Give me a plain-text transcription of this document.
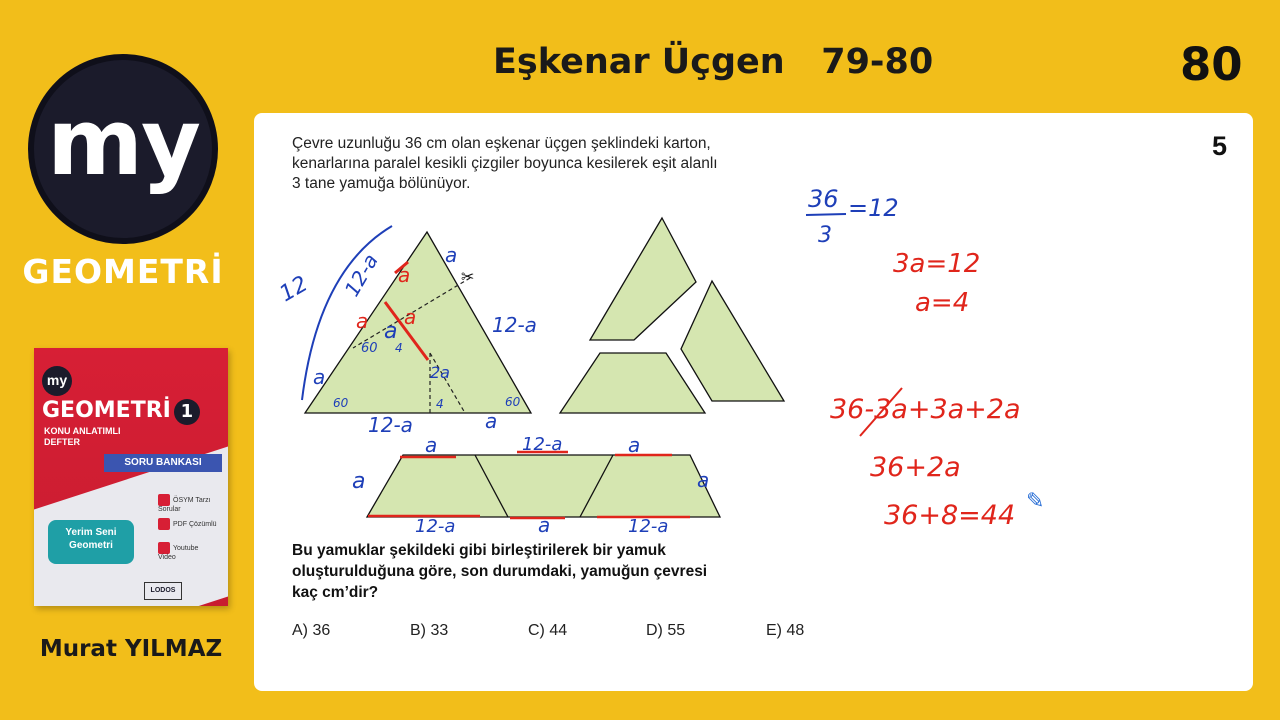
my
GEOMETRİ
my
GEOMETRİ 1
KONU ANLATIMLI
DEFTER
SORU BANKASI
Yerim Seni
Geometri
ÖSYM Tarzı Sorular
PDF Çözümlü
Youtube Video
LODOS
Murat YILMAZ
Eşkenar Üçgen   79-80	80
5
Çevre uzunluğu 36 cm olan eşkenar üçgen şeklindeki karton,
kenarlarına paralel kesikli çizgiler boyunca kesilerek eşit alanlı
3 tane yamuğa bölünüyor.
✂
12 12-a	a
12-a
a
a
12-a
a
2a
60
60	60
4
4
a
a	12-a	a
12-a	a	12-a
a
36
3
=12
a
a a
3a=12
a=4
36-3a+3a+2a
36+2a
36+8=44 ✎
Bu yamuklar şekildeki gibi birleştirilerek bir yamuk
oluşturulduğuna göre, son durumdaki, yamuğun çevresi
kaç cm’dir?
A) 36	B) 33	C) 44	D) 55	E) 48
